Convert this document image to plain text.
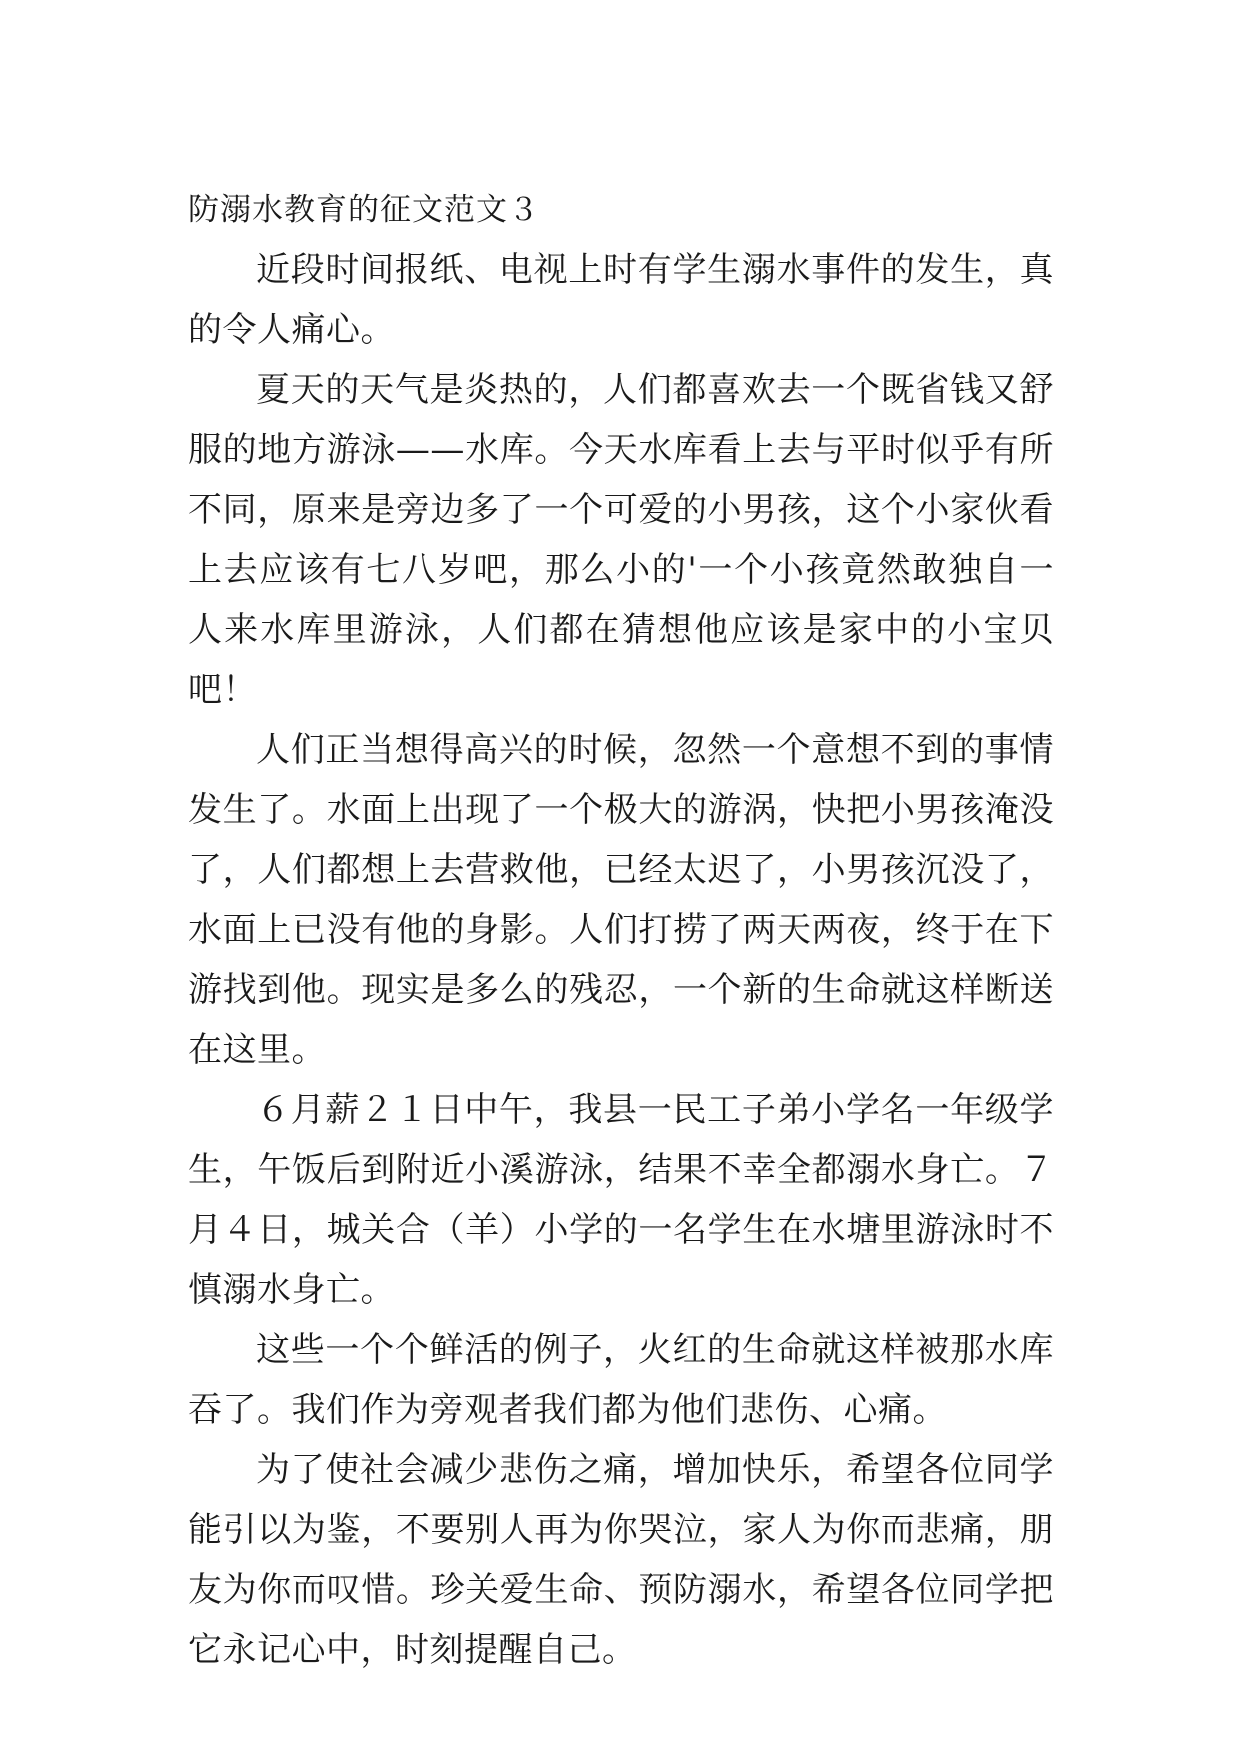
防溺水教育的征文范文３

近段时间报纸、电视上时有学生溺水事件的发生，真的令人痛心。

夏天的天气是炎热的，人们都喜欢去一个既省钱又舒服的地方游泳——水库。今天水库看上去与平时似乎有所不同，原来是旁边多了一个可爱的小男孩，这个小家伙看上去应该有七八岁吧，那么小的'一个小孩竟然敢独自一人来水库里游泳，人们都在猜想他应该是家中的小宝贝吧！

人们正当想得高兴的时候，忽然一个意想不到的事情发生了。水面上出现了一个极大的游涡，快把小男孩淹没了，人们都想上去营救他，已经太迟了，小男孩沉没了，水面上已没有他的身影。人们打捞了两天两夜，终于在下游找到他。现实是多么的残忍，一个新的生命就这样断送在这里。

６月薪２１日中午，我县一民工子弟小学名一年级学生，午饭后到附近小溪游泳，结果不幸全都溺水身亡。７月４日，城关合（羊）小学的一名学生在水塘里游泳时不慎溺水身亡。

这些一个个鲜活的例子，火红的生命就这样被那水库吞了。我们作为旁观者我们都为他们悲伤、心痛。

为了使社会减少悲伤之痛，增加快乐，希望各位同学能引以为鉴，不要别人再为你哭泣，家人为你而悲痛，朋友为你而叹惜。珍关爱生命、预防溺水，希望各位同学把它永记心中，时刻提醒自己。
